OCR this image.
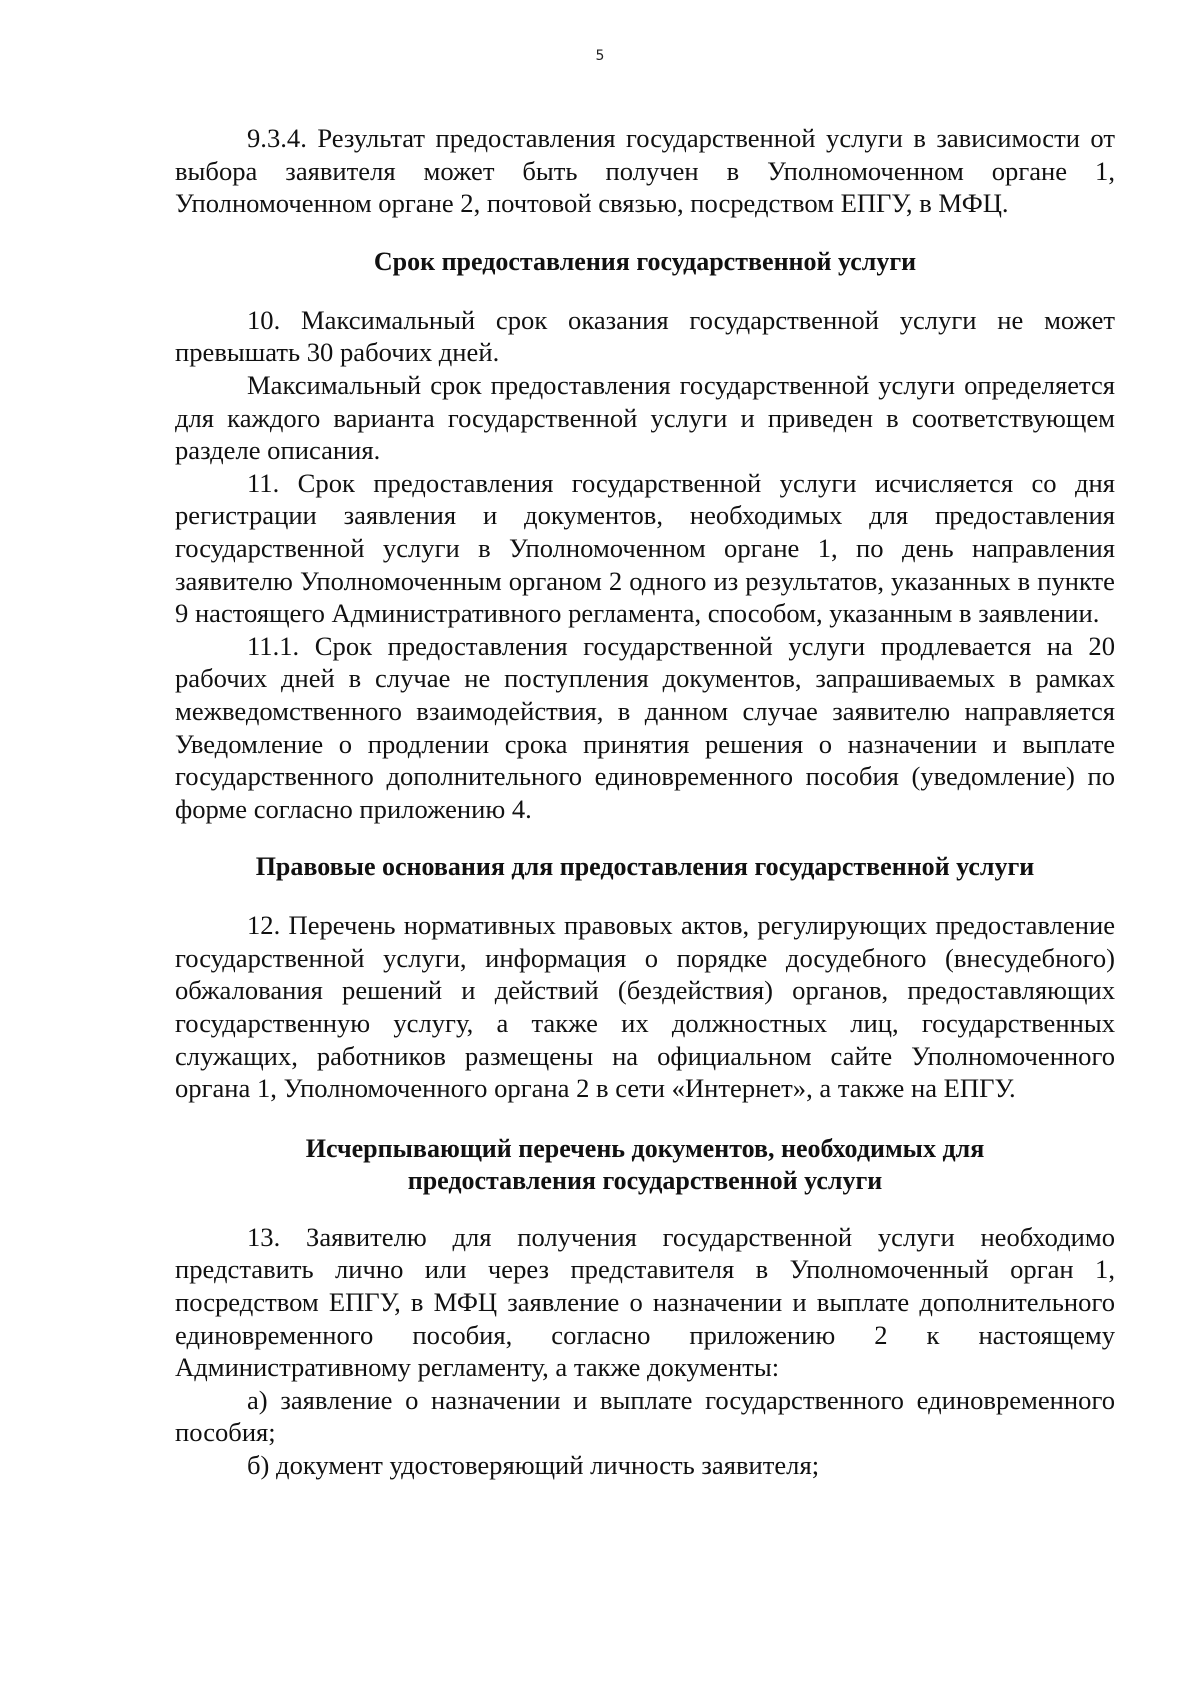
5

9.3.4. Результат предоставления государственной услуги в зависимости от выбора заявителя может быть получен в Уполномоченном органе 1, Уполномоченном органе 2, почтовой связью, посредством ЕПГУ, в МФЦ.

Срок предоставления государственной услуги

10. Максимальный срок оказания государственной услуги не может превышать 30 рабочих дней.

Максимальный срок предоставления государственной услуги определяется для каждого варианта государственной услуги и приведен в соответствующем разделе описания.

11. Срок предоставления государственной услуги исчисляется со дня регистрации заявления и документов, необходимых для предоставления государственной услуги в Уполномоченном органе 1, по день направления заявителю Уполномоченным органом 2 одного из результатов, указанных в пункте 9 настоящего Административного регламента, способом, указанным в заявлении.

11.1. Срок предоставления государственной услуги продлевается на 20 рабочих дней в случае не поступления документов, запрашиваемых в рамках межведомственного взаимодействия, в данном случае заявителю направляется Уведомление о продлении срока принятия решения о назначении и выплате государственного дополнительного единовременного пособия (уведомление) по форме согласно приложению 4.

Правовые основания для предоставления государственной услуги

12. Перечень нормативных правовых актов, регулирующих предоставление государственной услуги, информация о порядке досудебного (внесудебного) обжалования решений и действий (бездействия) органов, предоставляющих государственную услугу, а также их должностных лиц, государственных служащих, работников размещены на официальном сайте Уполномоченного органа 1, Уполномоченного органа 2 в сети «Интернет», а также на ЕПГУ.

Исчерпывающий перечень документов, необходимых для
предоставления государственной услуги

13. Заявителю для получения государственной услуги необходимо представить лично или через представителя в Уполномоченный орган 1, посредством ЕПГУ, в МФЦ заявление о назначении и выплате дополнительного единовременного пособия, согласно приложению 2 к настоящему Административному регламенту, а также документы:

а) заявление о назначении и выплате государственного единовременного пособия;

б) документ удостоверяющий личность заявителя;
